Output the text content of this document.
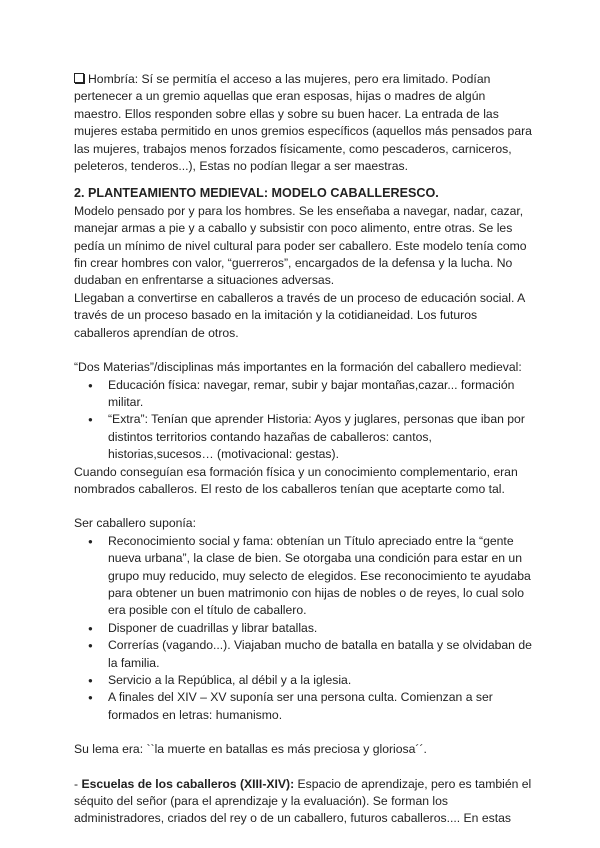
Hombría: Sí se permitía el acceso a las mujeres, pero era limitado. Podían pertenecer a un gremio aquellas que eran esposas, hijas o madres de algún maestro. Ellos responden sobre ellas y sobre su buen hacer. La entrada de las mujeres estaba permitido en unos gremios específicos (aquellos más pensados para las mujeres, trabajos menos forzados físicamente, como pescaderos, carniceros, peleteros, tenderos...), Estas no podían llegar a ser maestras.

2. PLANTEAMIENTO MEDIEVAL: MODELO CABALLERESCO.

Modelo pensado por y para los hombres. Se les enseñaba a navegar, nadar, cazar, manejar armas a pie y a caballo y subsistir con poco alimento, entre otras. Se les pedía un mínimo de nivel cultural para poder ser caballero. Este modelo tenía como fin crear hombres con valor, “guerreros”, encargados de la defensa y la lucha. No dudaban en enfrentarse a situaciones adversas.

Llegaban a convertirse en caballeros a través de un proceso de educación social. A través de un proceso basado en la imitación y la cotidianeidad. Los futuros caballeros aprendían de otros.

“Dos Materias”/disciplinas más importantes en la formación del caballero medieval:

● Educación física: navegar, remar, subir y bajar montañas,cazar... formación militar.
● “Extra”: Tenían que aprender Historia: Ayos y juglares, personas que iban por distintos territorios contando hazañas de caballeros: cantos, historias,sucesos… (motivacional: gestas).

Cuando conseguían esa formación física y un conocimiento complementario, eran nombrados caballeros. El resto de los caballeros tenían que aceptarte como tal.

Ser caballero suponía:

● Reconocimiento social y fama: obtenían un Título apreciado entre la “gente nueva urbana”, la clase de bien. Se otorgaba una condición para estar en un grupo muy reducido, muy selecto de elegidos. Ese reconocimiento te ayudaba para obtener un buen matrimonio con hijas de nobles o de reyes, lo cual solo era posible con el título de caballero.
● Disponer de cuadrillas y librar batallas.
● Correrías (vagando...). Viajaban mucho de batalla en batalla y se olvidaban de la familia.
● Servicio a la República, al débil y a la iglesia.
● A finales del XIV – XV suponía ser una persona culta. Comienzan a ser formados en letras: humanismo.

Su lema era: ``la muerte en batallas es más preciosa y gloriosa´´.

- Escuelas de los caballeros (XIII-XIV): Espacio de aprendizaje, pero es también el séquito del señor (para el aprendizaje y la evaluación). Se forman los administradores, criados del rey o de un caballero, futuros caballeros.... En estas
